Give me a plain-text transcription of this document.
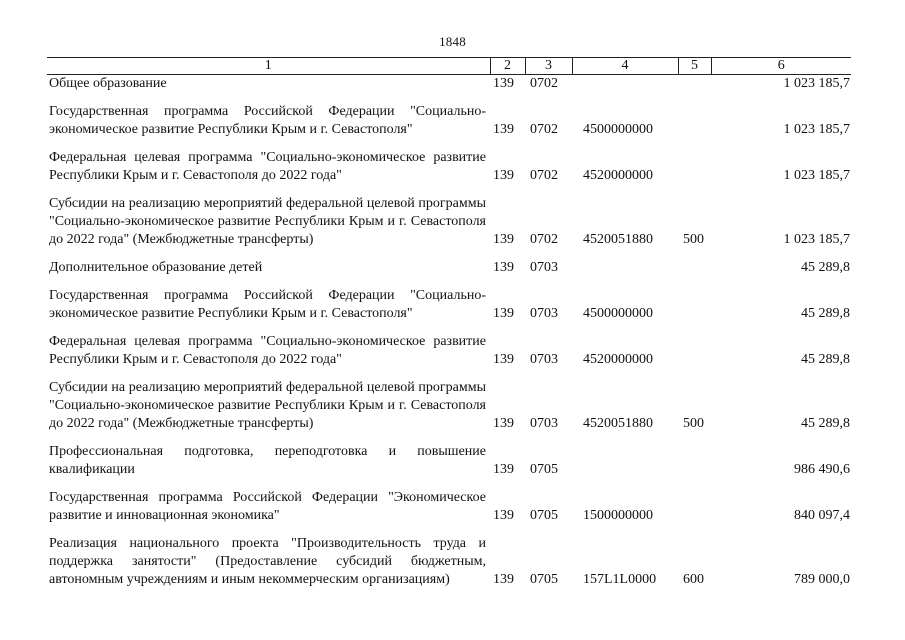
1848
1	2	3	4	5	6
Общее образование	139	0702			1 023 185,7

Государственная программа Российской Федерации "Социально-экономическое развитие Республики Крым и г. Севастополя"	139	0702	4500000000		1 023 185,7

Федеральная целевая программа "Социально-экономическое развитие Республики Крым и г. Севастополя до 2022 года"	139	0702	4520000000		1 023 185,7

Субсидии на реализацию мероприятий федеральной целевой программы "Социально-экономическое развитие Республики Крым и г. Севастополя до 2022 года" (Межбюджетные трансферты)	139	0702	4520051880	500	1 023 185,7

Дополнительное образование детей	139	0703			45 289,8

Государственная программа Российской Федерации "Социально-экономическое развитие Республики Крым и г. Севастополя"	139	0703	4500000000		45 289,8

Федеральная целевая программа "Социально-экономическое развитие Республики Крым и г. Севастополя до 2022 года"	139	0703	4520000000		45 289,8

Субсидии на реализацию мероприятий федеральной целевой программы "Социально-экономическое развитие Республики Крым и г. Севастополя до 2022 года" (Межбюджетные трансферты)	139	0703	4520051880	500	45 289,8

Профессиональная подготовка, переподготовка и повышение квалификации	139	0705			986 490,6

Государственная программа Российской Федерации "Экономическое развитие и инновационная экономика"	139	0705	1500000000		840 097,4

Реализация национального проекта "Производительность труда и поддержка занятости" (Предоставление субсидий бюджетным, автономным учреждениям и иным некоммерческим организациям)	139	0705	157L1L0000	600	789 000,0
